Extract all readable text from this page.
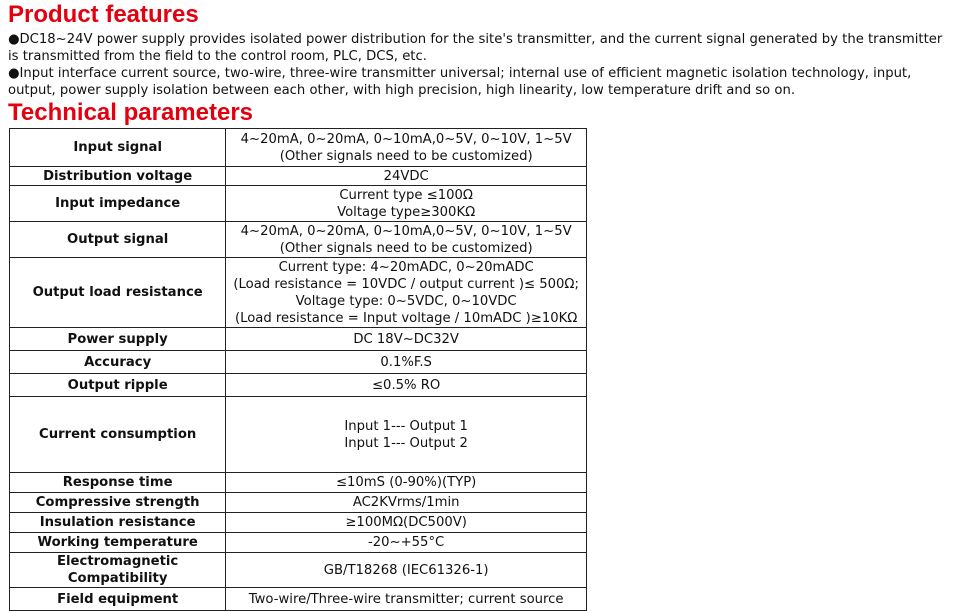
Product features

●DC18~24V power supply provides isolated power distribution for the site's transmitter, and the current signal generated by the transmitter is transmitted from the field to the control room, PLC, DCS, etc.

●Input interface current source, two-wire, three-wire transmitter universal; internal use of efficient magnetic isolation technology, input, output, power supply isolation between each other, with high precision, high linearity, low temperature drift and so on.

Technical parameters
Input signal	4~20mA, 0~20mA, 0~10mA,0~5V, 0~10V, 1~5V
(Other signals need to be customized)

Distribution voltage	24VDC

Input impedance	Current type ≤100Ω
Voltage type≥300KΩ

Output signal	4~20mA, 0~20mA, 0~10mA,0~5V, 0~10V, 1~5V
(Other signals need to be customized)

Output load resistance	Current type: 4~20mADC, 0~20mADC
(Load resistance = 10VDC / output current )≤ 500Ω;
Voltage type: 0~5VDC, 0~10VDC
(Load resistance = Input voltage / 10mADC )≥10KΩ

Power supply	DC 18V~DC32V

Accuracy	0.1%F.S

Output ripple	≤0.5% RO

Current consumption	Input 1--- Output 1
Input 1--- Output 2

Response time	≤10mS (0-90%)(TYP)

Compressive strength	AC2KVrms/1min

Insulation resistance	≥100MΩ(DC500V)

Working temperature	-20~+55°C

Electromagnetic Compatibility	GB/T18268 (IEC61326-1)

Field equipment	Two-wire/Three-wire transmitter; current source
